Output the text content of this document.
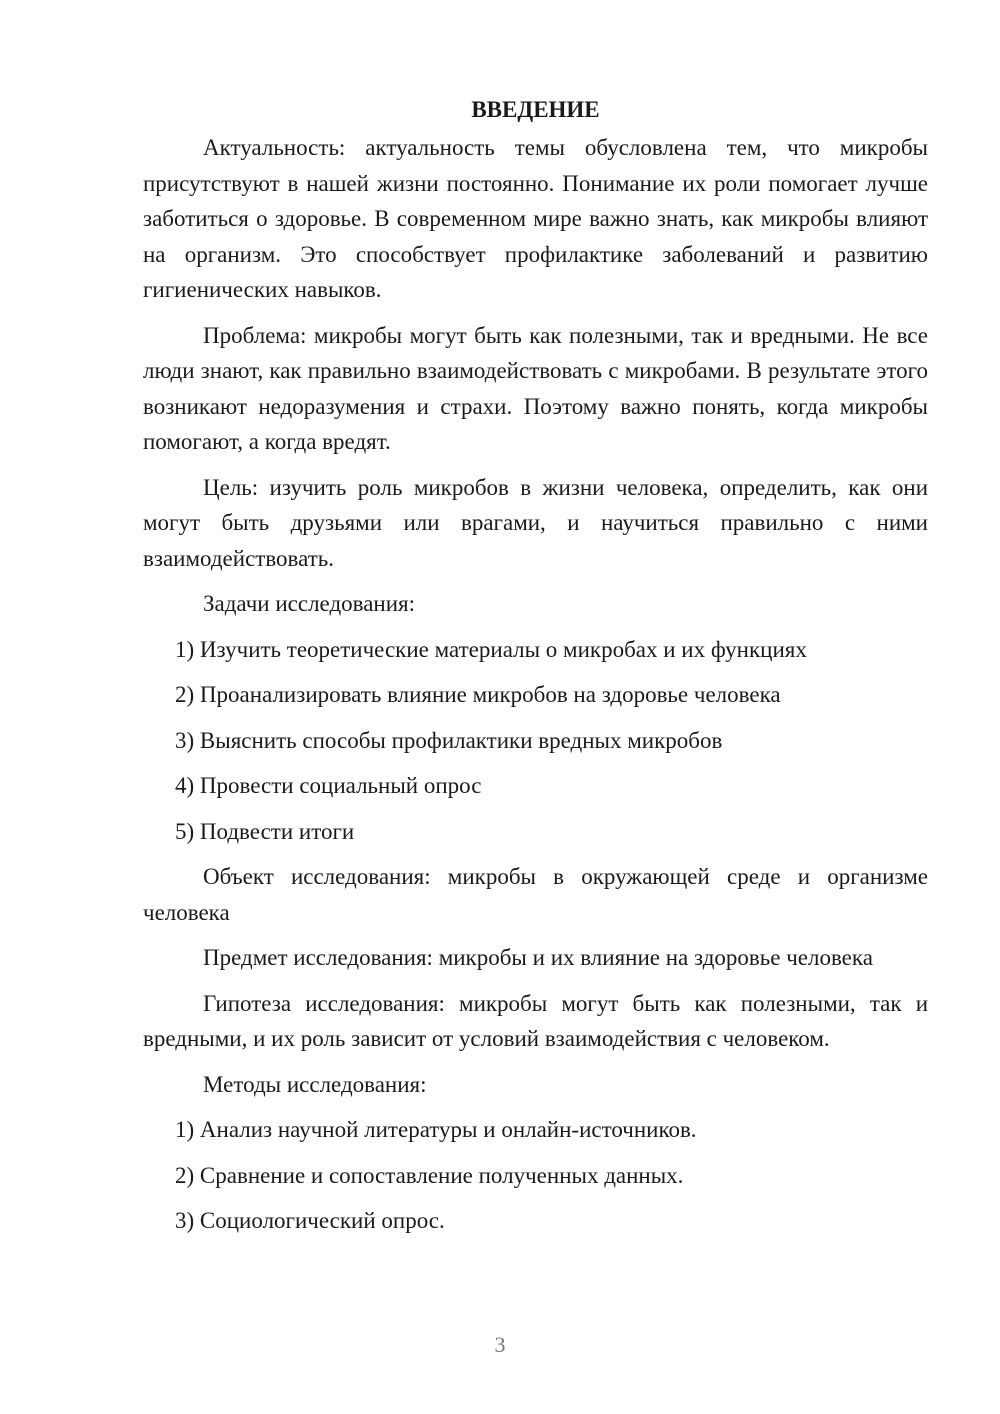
ВВЕДЕНИЕ

Актуальность: актуальность темы обусловлена тем, что микробы присутствуют в нашей жизни постоянно. Понимание их роли помогает лучше заботиться о здоровье. В современном мире важно знать, как микробы влияют на организм. Это способствует профилактике заболеваний и развитию гигиенических навыков.

Проблема: микробы могут быть как полезными, так и вредными. Не все люди знают, как правильно взаимодействовать с микробами. В результате этого возникают недоразумения и страхи. Поэтому важно понять, когда микробы помогают, а когда вредят.

Цель: изучить роль микробов в жизни человека, определить, как они могут быть друзьями или врагами, и научиться правильно с ними взаимодействовать.

Задачи исследования:

1) Изучить теоретические материалы о микробах и их функциях
2) Проанализировать влияние микробов на здоровье человека
3) Выяснить способы профилактики вредных микробов
4) Провести социальный опрос
5) Подвести итоги

Объект исследования: микробы в окружающей среде и организме человека

Предмет исследования: микробы и их влияние на здоровье человека

Гипотеза исследования: микробы могут быть как полезными, так и вредными, и их роль зависит от условий взаимодействия с человеком.

Методы исследования:

1) Анализ научной литературы и онлайн-источников.
2) Сравнение и сопоставление полученных данных.
3) Социологический опрос.
3
